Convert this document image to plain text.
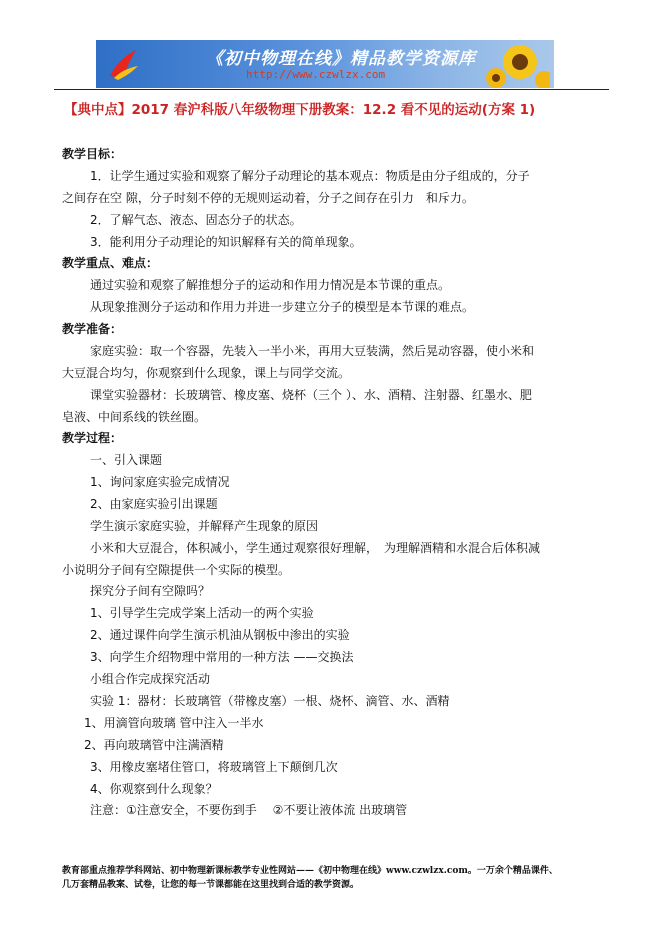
《初中物理在线》精品教学资源库
http://www.czwlzx.com
【典中点】2017 春沪科版八年级物理下册教案：12.2 看不见的运动(方案 1)
教学目标：
1．让学生通过实验和观察了解分子动理论的基本观点：物质是由分子组成的，分子
之间存在空 隙，分子时刻不停的无规则运动着，分子之间存在引力　和斥力。
2．了解气态、液态、固态分子的状态。
3．能利用分子动理论的知识解释有关的简单现象。
教学重点、难点：
通过实验和观察了解推想分子的运动和作用力情况是本节课的重点。
从现象推测分子运动和作用力并进一步建立分子的模型是本节课的难点。
教学准备：
家庭实验：取一个容器，先装入一半小米，再用大豆装满，然后晃动容器，使小米和
大豆混合均匀，你观察到什么现象，课上与同学交流。
课堂实验器材：长玻璃管、橡皮塞、烧杯（三个 ）、水、酒精、注射器、红墨水、肥
皂液、中间系线的铁丝圈。
教学过程：
一、引入课题
1、询问家庭实验完成情况
2、由家庭实验引出课题
学生演示家庭实验，并解释产生现象的原因
小米和大豆混合，体积减小，学生通过观察很好理解，　为理解酒精和水混合后体积减
小说明分子间有空隙提供一个实际的模型。
探究分子间有空隙吗？
1、引导学生完成学案上活动一的两个实验
2、通过课件向学生演示机油从钢板中渗出的实验
3、向学生介绍物理中常用的一种方法 ——交换法
小组合作完成探究活动
实验 1：器材：长玻璃管（带橡皮塞）一根、烧杯、滴管、水、酒精
1、用滴管向玻璃 管中注入一半水
2、再向玻璃管中注满酒精
3、用橡皮塞堵住管口，将玻璃管上下颠倒几次
4、你观察到什么现象？
注意：①注意安全，不要伤到手　 ②不要让液体流 出玻璃管
教育部重点推荐学科网站、初中物理新课标教学专业性网站——《初中物理在线》www.czwlzx.com。一万余个精品课件、
几万套精品教案、试卷，让您的每一节课都能在这里找到合适的教学资源。
